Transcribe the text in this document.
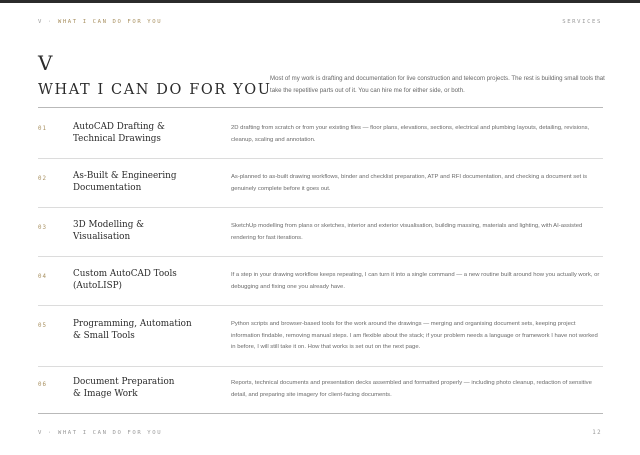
V · WHAT I CAN DO FOR YOU	SERVICES
V
WHAT I CAN DO FOR YOU
Most of my work is drafting and documentation for live construction and telecom projects. The rest is building small tools that take the repetitive parts out of it. You can hire me for either side, or both.
01	AutoCAD Drafting &
Technical Drawings
2D drafting from scratch or from your existing files — floor plans, elevations, sections, electrical and plumbing layouts, detailing, revisions, cleanup, scaling and annotation.
02	As-Built & Engineering
Documentation
As-planned to as-built drawing workflows, binder and checklist preparation, ATP and RFI documentation, and checking a document set is genuinely complete before it goes out.
03	3D Modelling &
Visualisation
SketchUp modelling from plans or sketches, interior and exterior visualisation, building massing, materials and lighting, with AI-assisted rendering for fast iterations.
04	Custom AutoCAD Tools
(AutoLISP)
If a step in your drawing workflow keeps repeating, I can turn it into a single command — a new routine built around how you actually work, or debugging and fixing one you already have.
05	Programming, Automation
& Small Tools
Python scripts and browser-based tools for the work around the drawings — merging and organising document sets, keeping project information findable, removing manual steps. I am flexible about the stack; if your problem needs a language or framework I have not worked in before, I will still take it on. How that works is set out on the next page.
06	Document Preparation
& Image Work
Reports, technical documents and presentation decks assembled and formatted properly — including photo cleanup, redaction of sensitive detail, and preparing site imagery for client-facing documents.
V · WHAT I CAN DO FOR YOU	12
